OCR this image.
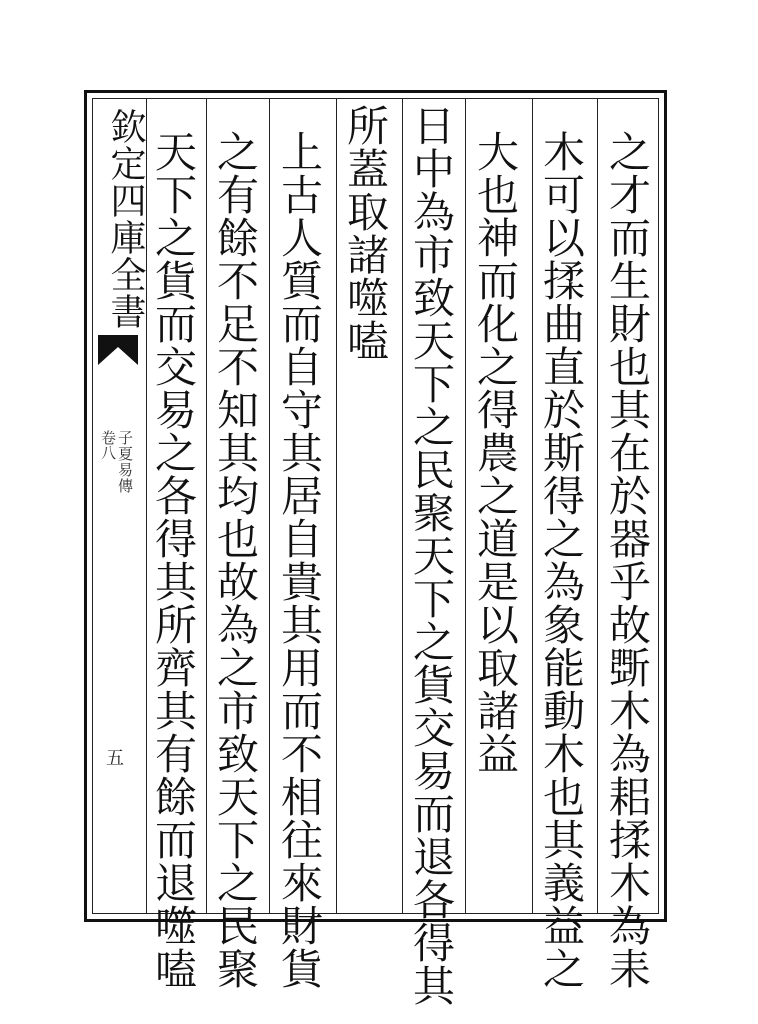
欽定四庫全書
子夏易傳
卷八
五	之才而生財也其在於器乎故斲木為耜揉木為耒
木可以揉曲直於斯得之為象能動木也其義益之
大也神而化之得農之道是以取諸益
日中為市致天下之民聚天下之貨交易而退各得其
所蓋取諸噬嗑
上古人質而自守其居自貴其用而不相往來財貨
之有餘不足不知其均也故為之市致天下之民聚
天下之貨而交易之各得其所齊其有餘而退噬嗑
